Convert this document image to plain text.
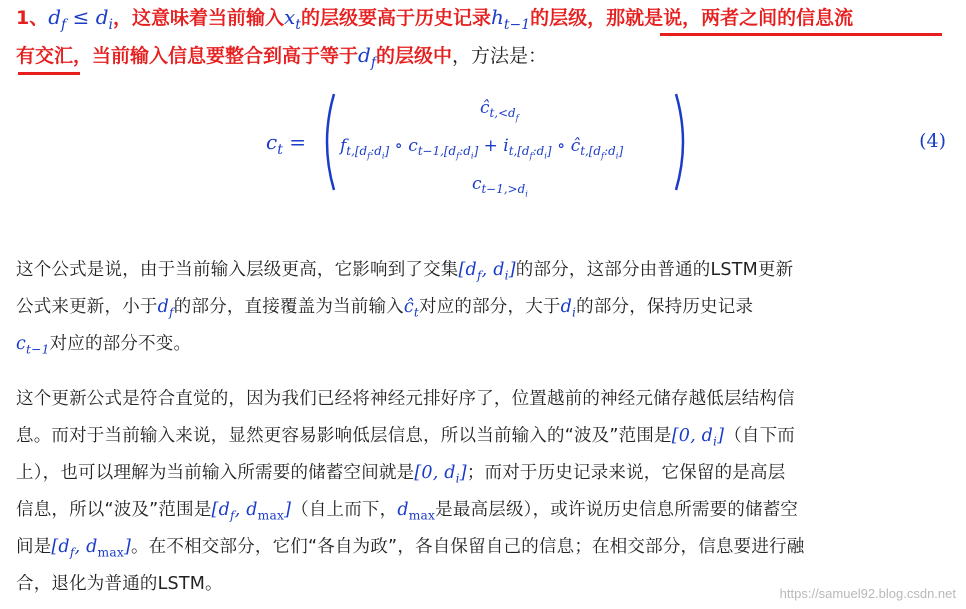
1、$d_f \le d_i$，这意味着当前输入$x_t$的层级要高于历史记录$h_{t-1}$的层级，那就是说，两者之间的信息流
有交汇，当前输入信息要整合到高于等于$d_f$的层级中，方法是：
$c_t$ =
$ĉ_{t,<d_f}$
$f_{t,[d_f:d_i]}$ ∘ $c_{t-1,[d_f:d_i]} + i_{t,[d_f:d_i]}$ ∘ $ĉ_{t,[d_f:d_i]}$
$c_{t-1,>d_i}$
(4)
这个公式是说，由于当前输入层级更高，它影响到了交集[$d_f$, $d_i$]的部分，这部分由普通的LSTM更新
公式来更新，小于$d_f$的部分，直接覆盖为当前输入$ĉ_t$对应的部分，大于$d_i$的部分，保持历史记录
$c_{t-1}$对应的部分不变。
这个更新公式是符合直觉的，因为我们已经将神经元排好序了，位置越前的神经元储存越低层结构信
息。而对于当前输入来说，显然更容易影响低层信息，所以当前输入的“波及”范围是[0, $d_i$]（自下而
上），也可以理解为当前输入所需要的储蓄空间就是[0, $d_i$]；而对于历史记录来说，它保留的是高层
信息，所以“波及”范围是[$d_f$, $d_{max}$]（自上而下，$d_{max}$是最高层级），或许说历史信息所需要的储蓄空
间是[$d_f$, $d_{max}$]。在不相交部分，它们“各自为政”，各自保留自己的信息；在相交部分，信息要进行融
合，退化为普通的LSTM。	https://samuel92.blog.csdn.net
